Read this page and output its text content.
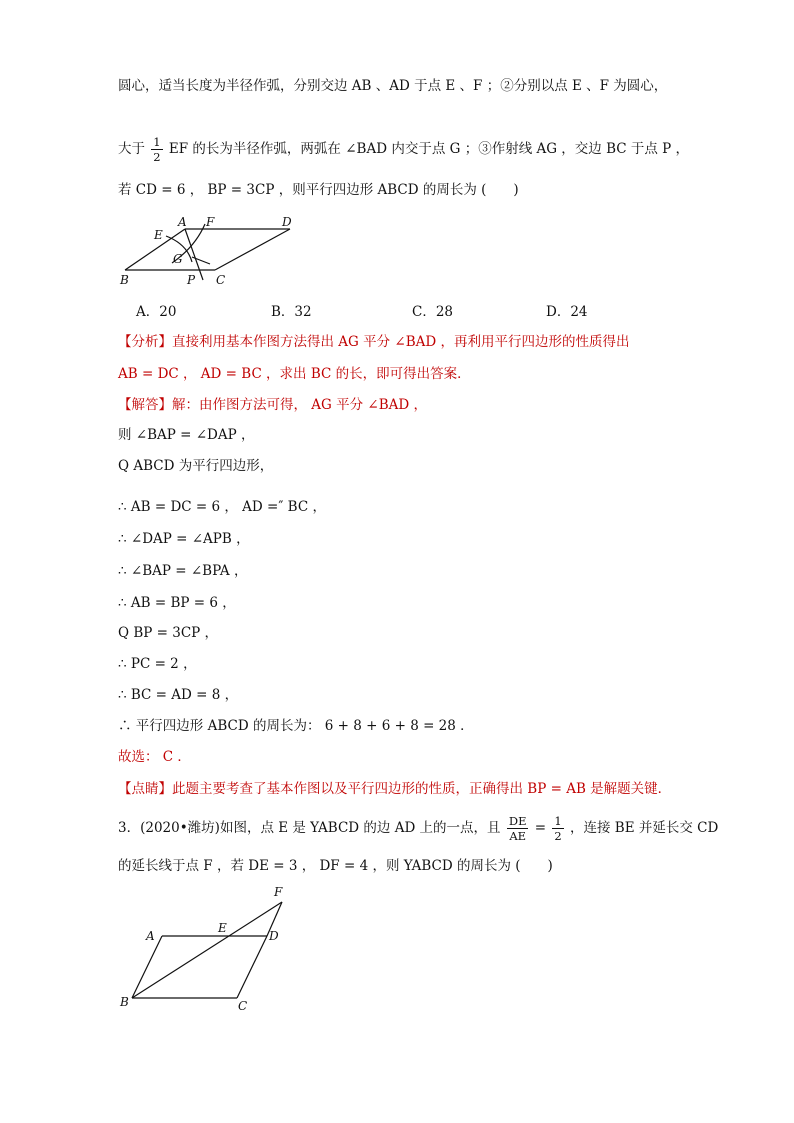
圆心，适当长度为半径作弧，分别交边 AB 、AD 于点 E 、F ；②分别以点 E 、F 为圆心，
大于 $\frac{1}{2}$ EF 的长为半径作弧，两弧在 ∠BAD 内交于点 G ；③作射线 AG ，交边 BC 于点 P ，
若 CD = 6 ， BP = 3CP ，则平行四边形 ABCD 的周长为 (　　)
A F	D
E
G
B	P C
A．20	B．32	C．28	D．24
【分析】直接利用基本作图方法得出 AG 平分 ∠BAD ，再利用平行四边形的性质得出
AB = DC ， AD = BC ，求出 BC 的长，即可得出答案．
【解答】解：由作图方法可得， AG 平分 ∠BAD ，
则 ∠BAP = ∠DAP ，
Q ABCD 为平行四边形，
∴ AB = DC = 6 ， AD =″ BC ，
∴ ∠DAP = ∠APB ，
∴ ∠BAP = ∠BPA ，
∴ AB = BP = 6 ，
Q BP = 3CP ，
∴ PC = 2 ，
∴ BC = AD = 8 ，
∴ 平行四边形 ABCD 的周长为： 6 + 8 + 6 + 8 = 28 ．
故选： C ．
【点睛】此题主要考查了基本作图以及平行四边形的性质，正确得出 BP = AB 是解题关键．
3．(2020•潍坊)如图，点 E 是 YABCD 的边 AD 上的一点，且 $\frac{DE}{AE} = \frac{1}{2}$ ，连接 BE 并延长交 CD
的延长线于点 F ，若 DE = 3 ， DF = 4 ，则 YABCD 的周长为 (　　)
A
E
D
F
B	C
